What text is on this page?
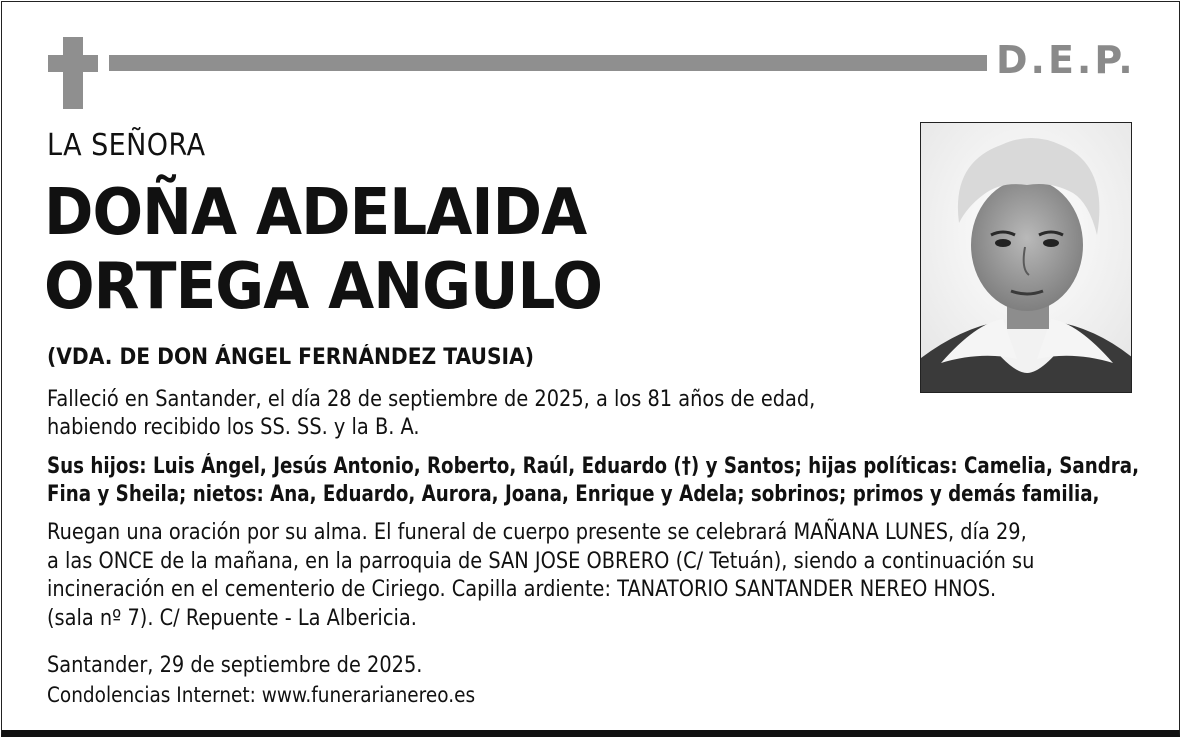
D.E.P.
LA SEÑORA
DOÑA ADELAIDA
ORTEGA ANGULO
(VDA. DE DON ÁNGEL FERNÁNDEZ TAUSIA)
Falleció en Santander, el día 28 de septiembre de 2025, a los 81 años de edad,
habiendo recibido los SS. SS. y la B. A.
Sus hijos: Luis Ángel, Jesús Antonio, Roberto, Raúl, Eduardo (†) y Santos; hijas políticas: Camelia, Sandra,
Fina y Sheila; nietos: Ana, Eduardo, Aurora, Joana, Enrique y Adela; sobrinos; primos y demás familia,
Ruegan una oración por su alma. El funeral de cuerpo presente se celebrará MAÑANA LUNES, día 29,
a las ONCE de la mañana, en la parroquia de SAN JOSE OBRERO (C/ Tetuán), siendo a continuación su
incineración en el cementerio de Ciriego. Capilla ardiente: TANATORIO SANTANDER NEREO HNOS.
(sala nº 7). C/ Repuente - La Albericia.
Santander, 29 de septiembre de 2025.
Condolencias Internet: www.funerarianereo.es
